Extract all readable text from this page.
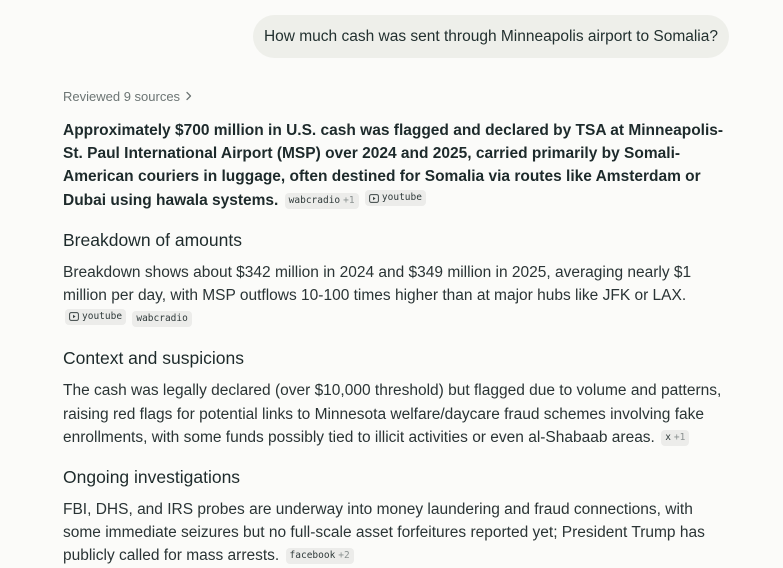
How much cash was sent through Minneapolis airport to Somalia?
Reviewed 9 sources
Approximately $700 million in U.S. cash was flagged and declared by TSA at Minneapolis-St. Paul International Airport (MSP) over 2024 and 2025, carried primarily by Somali-American couriers in luggage, often destined for Somalia via routes like Amsterdam or Dubai using hawala systems. wabcradio +1
	youtube
Breakdown of amounts
Breakdown shows about $342 million in 2024 and $349 million in 2025, averaging nearly $1 million per day, with MSP outflows 10-100 times higher than at major hubs like JFK or LAX.
youtube
wabcradio
Context and suspicions
The cash was legally declared (over $10,000 threshold) but flagged due to volume and patterns, raising red flags for potential links to Minnesota welfare/daycare fraud schemes involving fake enrollments, with some funds possibly tied to illicit activities or even al-Shabaab areas. x +1
Ongoing investigations
FBI, DHS, and IRS probes are underway into money laundering and fraud connections, with some immediate seizures but no full-scale asset forfeitures reported yet; President Trump has publicly called for mass arrests. facebook +2
